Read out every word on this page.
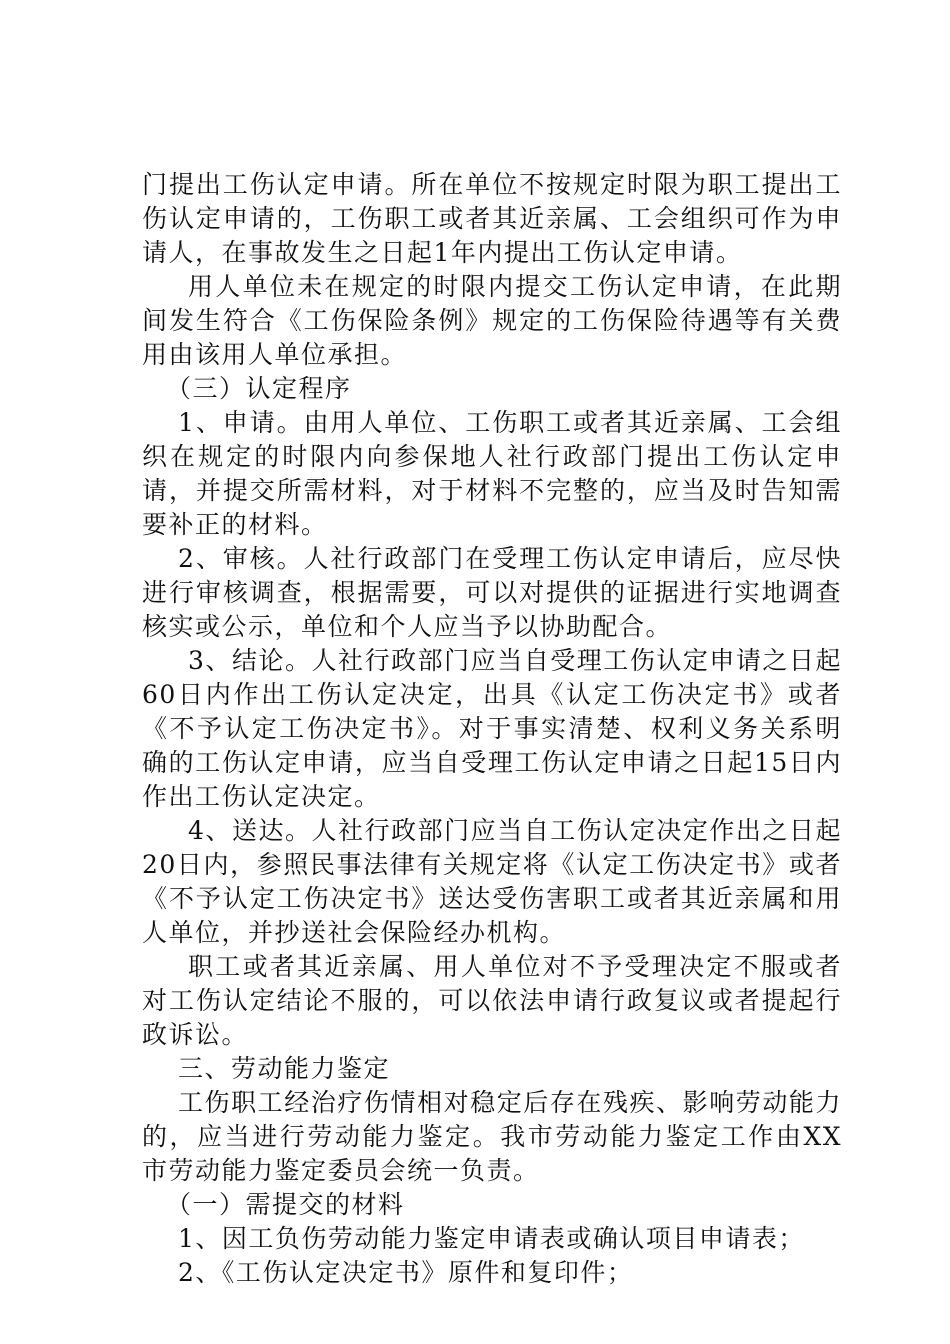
门提出工伤认定申请。所在单位不按规定时限为职工提出工伤认定申请的，工伤职工或者其近亲属、工会组织可作为申请人，在事故发生之日起1年内提出工伤认定申请。

用人单位未在规定的时限内提交工伤认定申请，在此期间发生符合《工伤保险条例》规定的工伤保险待遇等有关费用由该用人单位承担。

（三）认定程序

1、申请。由用人单位、工伤职工或者其近亲属、工会组织在规定的时限内向参保地人社行政部门提出工伤认定申请，并提交所需材料，对于材料不完整的，应当及时告知需要补正的材料。

2、审核。人社行政部门在受理工伤认定申请后，应尽快进行审核调查，根据需要，可以对提供的证据进行实地调查核实或公示，单位和个人应当予以协助配合。

3、结论。人社行政部门应当自受理工伤认定申请之日起60日内作出工伤认定决定，出具《认定工伤决定书》或者《不予认定工伤决定书》。对于事实清楚、权利义务关系明确的工伤认定申请，应当自受理工伤认定申请之日起15日内作出工伤认定决定。

4、送达。人社行政部门应当自工伤认定决定作出之日起20日内，参照民事法律有关规定将《认定工伤决定书》或者《不予认定工伤决定书》送达受伤害职工或者其近亲属和用人单位，并抄送社会保险经办机构。

职工或者其近亲属、用人单位对不予受理决定不服或者对工伤认定结论不服的，可以依法申请行政复议或者提起行政诉讼。

三、劳动能力鉴定

工伤职工经治疗伤情相对稳定后存在残疾、影响劳动能力的，应当进行劳动能力鉴定。我市劳动能力鉴定工作由XX市劳动能力鉴定委员会统一负责。

（一）需提交的材料

1、因工负伤劳动能力鉴定申请表或确认项目申请表；

2、《工伤认定决定书》原件和复印件；
